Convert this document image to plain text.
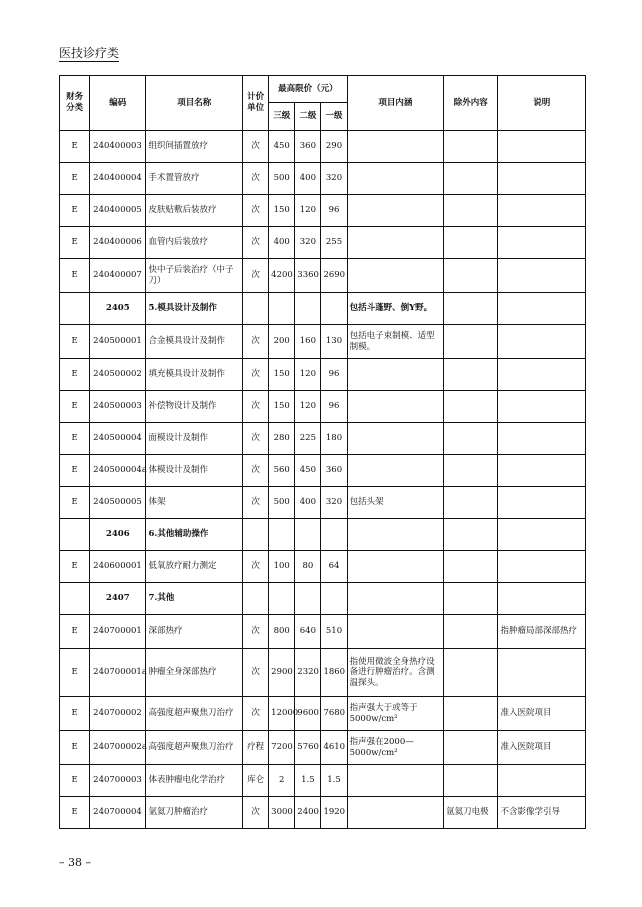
医技诊疗类
财务分类	编码	项目名称	计价单位	最高限价（元）			项目内涵	除外内容	说明
				三级	二级	一级			
E	240400003	组织间插置放疗	次	450	360	290			
E	240400004	手术置管放疗	次	500	400	320			
E	240400005	皮肤贴敷后装放疗	次	150	120	96			
E	240400006	血管内后装放疗	次	400	320	255			
E	240400007	快中子后装治疗（中子刀）	次	4200	3360	2690			
	2405	5.模具设计及制作					包括斗蓬野、倒Y野。		
E	240500001	合金模具设计及制作	次	200	160	130	包括电子束制模、适型制模。		
E	240500002	填充模具设计及制作	次	150	120	96			
E	240500003	补偿物设计及制作	次	150	120	96			
E	240500004	面模设计及制作	次	280	225	180			
E	240500004a	体模设计及制作	次	560	450	360			
E	240500005	体架	次	500	400	320	包括头架		
	2406	6.其他辅助操作							
E	240600001	低氧放疗耐力测定	次	100	80	64			
	2407	7.其他							
E	240700001	深部热疗	次	800	640	510			指肿瘤局部深部热疗
E	240700001a	肿瘤全身深部热疗	次	2900	2320	1860	指使用微波全身热疗设备进行肿瘤治疗。含测温探头。		
E	240700002	高强度超声聚焦刀治疗	次	12000	9600	7680	指声强大于或等于5000w/cm²		准入医院项目
E	240700002a	高强度超声聚焦刀治疗	疗程	7200	5760	4610	指声强在2000—5000w/cm²		准入医院项目
E	240700003	体表肿瘤电化学治疗	库仑	2	1.5	1.5			
E	240700004	氩氦刀肿瘤治疗	次	3000	2400	1920		氩氦刀电极	不含影像学引导
– 38 –
